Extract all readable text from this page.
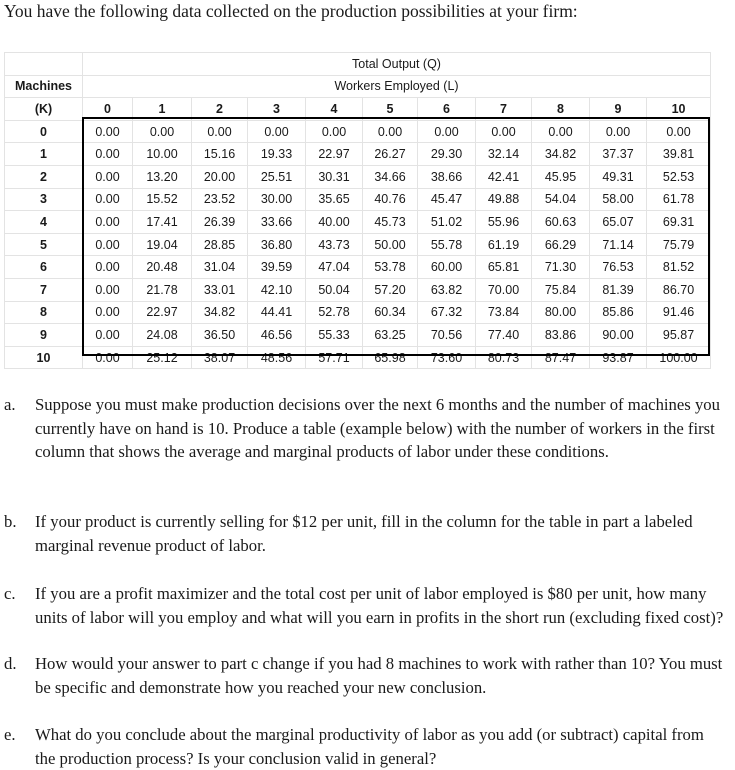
You have the following data collected on the production possibilities at your firm:
	Total Output (Q)										
Machines	Workers Employed (L)										
(K)	0	1	2	3	4	5	6	7	8	9	10
0	0.00	0.00	0.00	0.00	0.00	0.00	0.00	0.00	0.00	0.00	0.00
1	0.00	10.00	15.16	19.33	22.97	26.27	29.30	32.14	34.82	37.37	39.81
2	0.00	13.20	20.00	25.51	30.31	34.66	38.66	42.41	45.95	49.31	52.53
3	0.00	15.52	23.52	30.00	35.65	40.76	45.47	49.88	54.04	58.00	61.78
4	0.00	17.41	26.39	33.66	40.00	45.73	51.02	55.96	60.63	65.07	69.31
5	0.00	19.04	28.85	36.80	43.73	50.00	55.78	61.19	66.29	71.14	75.79
6	0.00	20.48	31.04	39.59	47.04	53.78	60.00	65.81	71.30	76.53	81.52
7	0.00	21.78	33.01	42.10	50.04	57.20	63.82	70.00	75.84	81.39	86.70
8	0.00	22.97	34.82	44.41	52.78	60.34	67.32	73.84	80.00	85.86	91.46
9	0.00	24.08	36.50	46.56	55.33	63.25	70.56	77.40	83.86	90.00	95.87
10	0.00	25.12	38.07	48.56	57.71	65.98	73.60	80.73	87.47	93.87	100.00
a. Suppose you must make production decisions over the next 6 months and the number of machines you currently have on hand is 10. Produce a table (example below) with the number of workers in the first column that shows the average and marginal products of labor under these conditions.
b. If your product is currently selling for $12 per unit, fill in the column for the table in part a labeled marginal revenue product of labor.
c. If you are a profit maximizer and the total cost per unit of labor employed is $80 per unit, how many units of labor will you employ and what will you earn in profits in the short run (excluding fixed cost)?
d. How would your answer to part c change if you had 8 machines to work with rather than 10? You must be specific and demonstrate how you reached your new conclusion.
e. What do you conclude about the marginal productivity of labor as you add (or subtract) capital from the production process? Is your conclusion valid in general?
